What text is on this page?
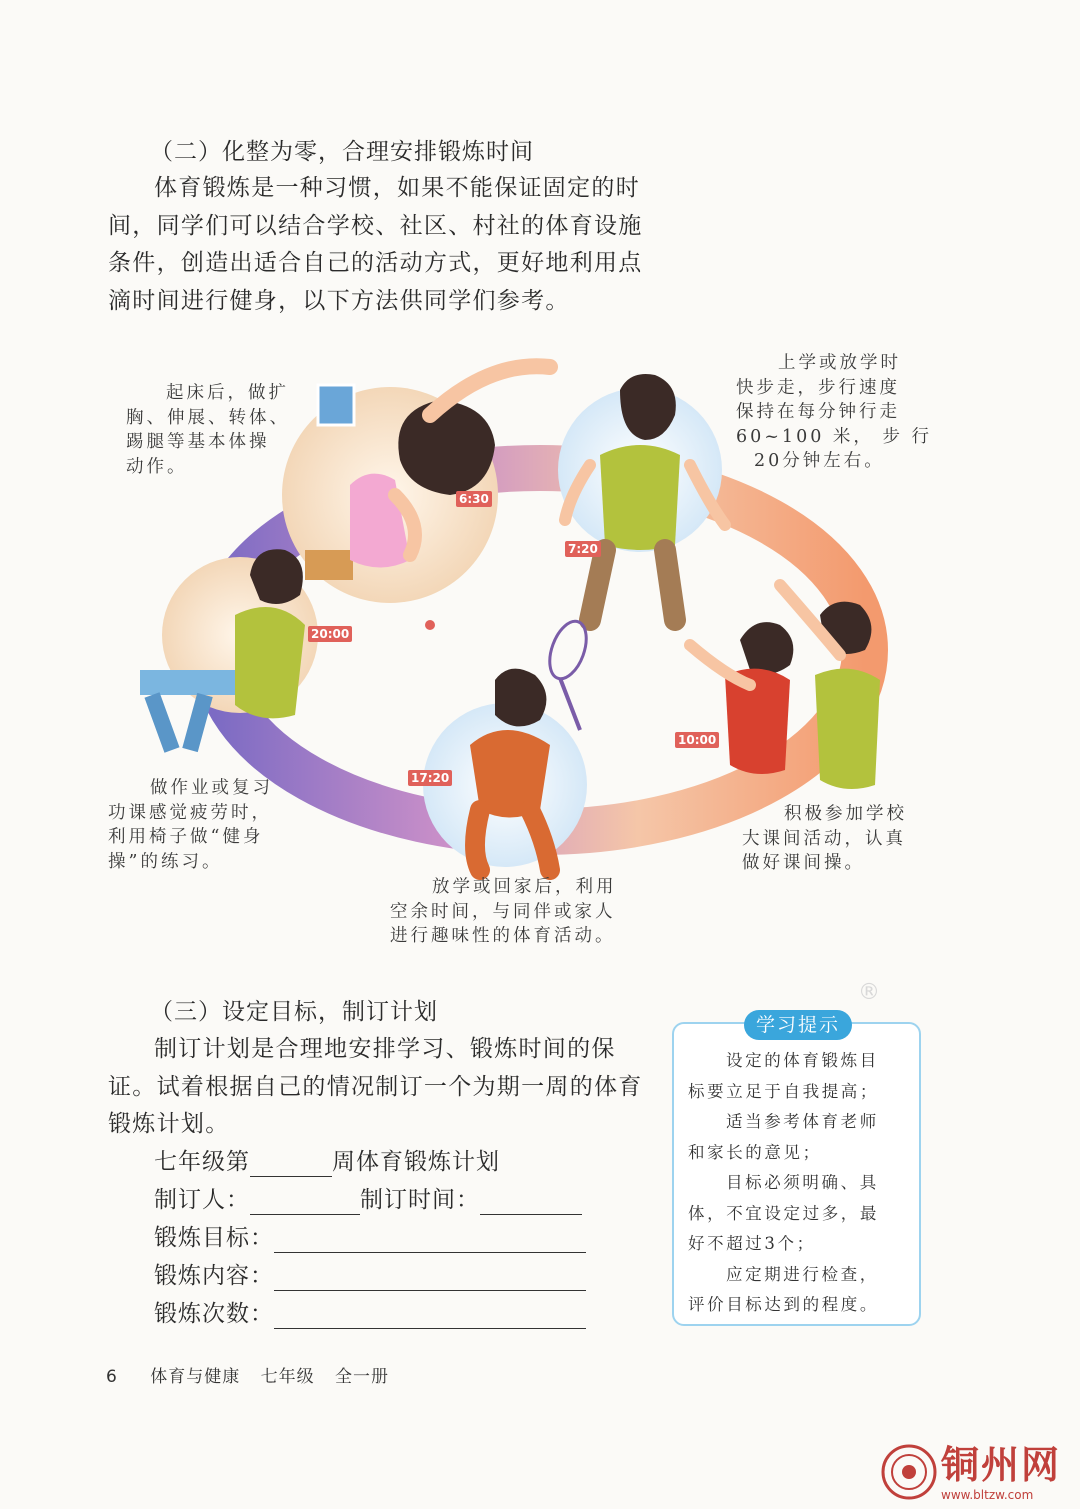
（二）化整为零，合理安排锻炼时间

体育锻炼是一种习惯，如果不能保证固定的时

间，同学们可以结合学校、社区、村社的体育设施

条件，创造出适合自己的活动方式，更好地利用点

滴时间进行健身，以下方法供同学们参考。

起床后，做扩

胸、伸展、转体、

踢腿等基本体操

动作。

上学或放学时

快步走，步行速度

保持在每分钟行走

60~100 米， 步 行

20分钟左右。

做作业或复习

功课感觉疲劳时，

利用椅子做“健身

操”的练习。

积极参加学校

大课间活动，认真

做好课间操。

放学或回家后，利用

空余时间，与同伴或家人

进行趣味性的体育活动。

6:30
7:20
20:00
10:00
17:20
（三）设定目标，制订计划

制订计划是合理地安排学习、锻炼时间的保

证。试着根据自己的情况制订一个为期一周的体育

锻炼计划。

七年级第	周体育锻炼计划
制订人：	制订时间：
锻炼目标：
锻炼内容：
锻炼次数：
学习提示

设定的体育锻炼目

标要立足于自我提高；

适当参考体育老师

和家长的意见；

目标必须明确、具

体，不宜设定过多，最

好不超过3个；

应定期进行检查，

评价目标达到的程度。

®
6 体育与健康 七年级 全一册
铜州网
www.bltzw.com
